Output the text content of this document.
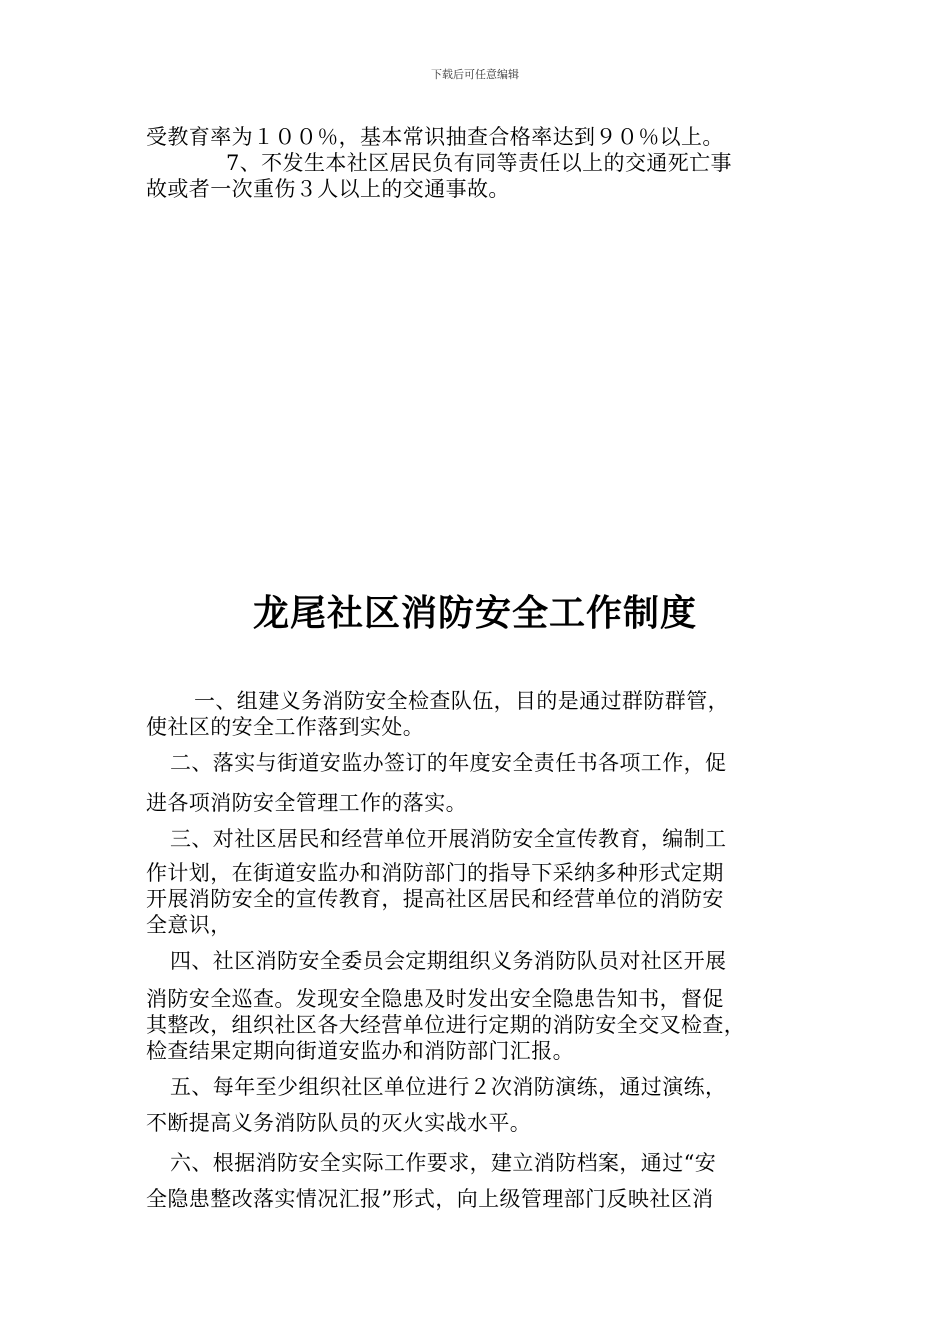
下载后可任意编辑
受教育率为１００％，基本常识抽查合格率达到９０％以上。
7、不发生本社区居民负有同等责任以上的交通死亡事
故或者一次重伤３人以上的交通事故。
龙尾社区消防安全工作制度
一、组建义务消防安全检查队伍，目的是通过群防群管，
使社区的安全工作落到实处。
二、落实与街道安监办签订的年度安全责任书各项工作，促
进各项消防安全管理工作的落实。
三、对社区居民和经营单位开展消防安全宣传教育，编制工
作计划，在街道安监办和消防部门的指导下采纳多种形式定期
开展消防安全的宣传教育，提高社区居民和经营单位的消防安
全意识，
四、社区消防安全委员会定期组织义务消防队员对社区开展
消防安全巡查。发现安全隐患及时发出安全隐患告知书，督促
其整改，组织社区各大经营单位进行定期的消防安全交叉检查，
检查结果定期向街道安监办和消防部门汇报。
五、每年至少组织社区单位进行２次消防演练，通过演练，
不断提高义务消防队员的灭火实战水平。
六、根据消防安全实际工作要求，建立消防档案，通过“安
全隐患整改落实情况汇报”形式，向上级管理部门反映社区消
